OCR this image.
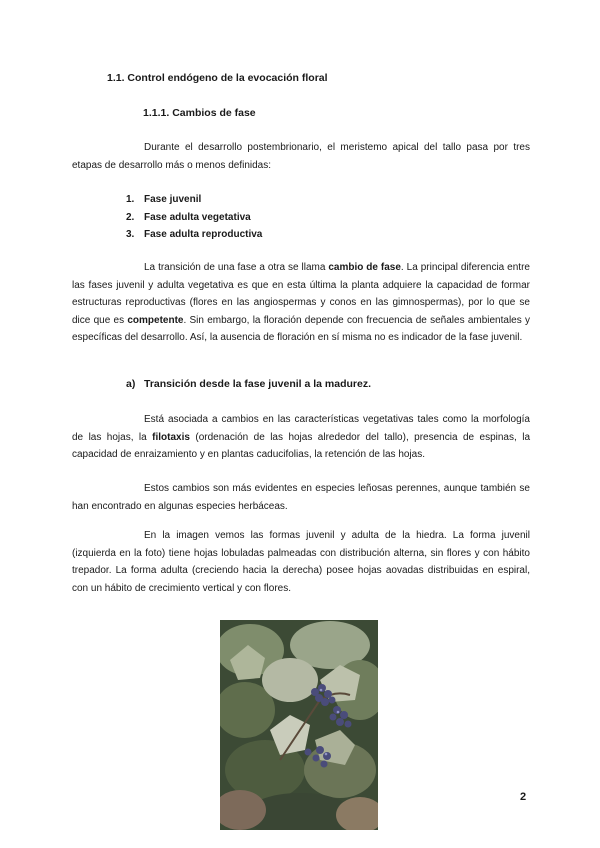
1.1. Control endógeno de la evocación floral
1.1.1. Cambios de fase

Durante el desarrollo postembrionario, el meristemo apical del tallo pasa por tres etapas de desarrollo más o menos definidas:

1. Fase juvenil
2. Fase adulta vegetativa
3. Fase adulta reproductiva

La transición de una fase a otra se llama cambio de fase. La principal diferencia entre las fases juvenil y adulta vegetativa es que en esta última la planta adquiere la capacidad de formar estructuras reproductivas (flores en las angiospermas y conos en las gimnospermas), por lo que se dice que es competente. Sin embargo, la floración depende con frecuencia de señales ambientales y específicas del desarrollo. Así, la ausencia de floración en sí misma no es indicador de la fase juvenil.

a) Transición desde la fase juvenil a la madurez.

Está asociada a cambios en las características vegetativas tales como la morfología de las hojas, la filotaxis (ordenación de las hojas alrededor del tallo), presencia de espinas, la capacidad de enraizamiento y en plantas caducifolias, la retención de las hojas.

Estos cambios son más evidentes en especies leñosas perennes, aunque también se han encontrado en algunas especies herbáceas.

En la imagen vemos las formas juvenil y adulta de la hiedra. La forma juvenil (izquierda en la foto) tiene hojas lobuladas palmeadas con distribución alterna, sin flores y con hábito trepador. La forma adulta (creciendo hacia la derecha) posee hojas aovadas distribuidas en espiral, con un hábito de crecimiento vertical y con flores.

2
